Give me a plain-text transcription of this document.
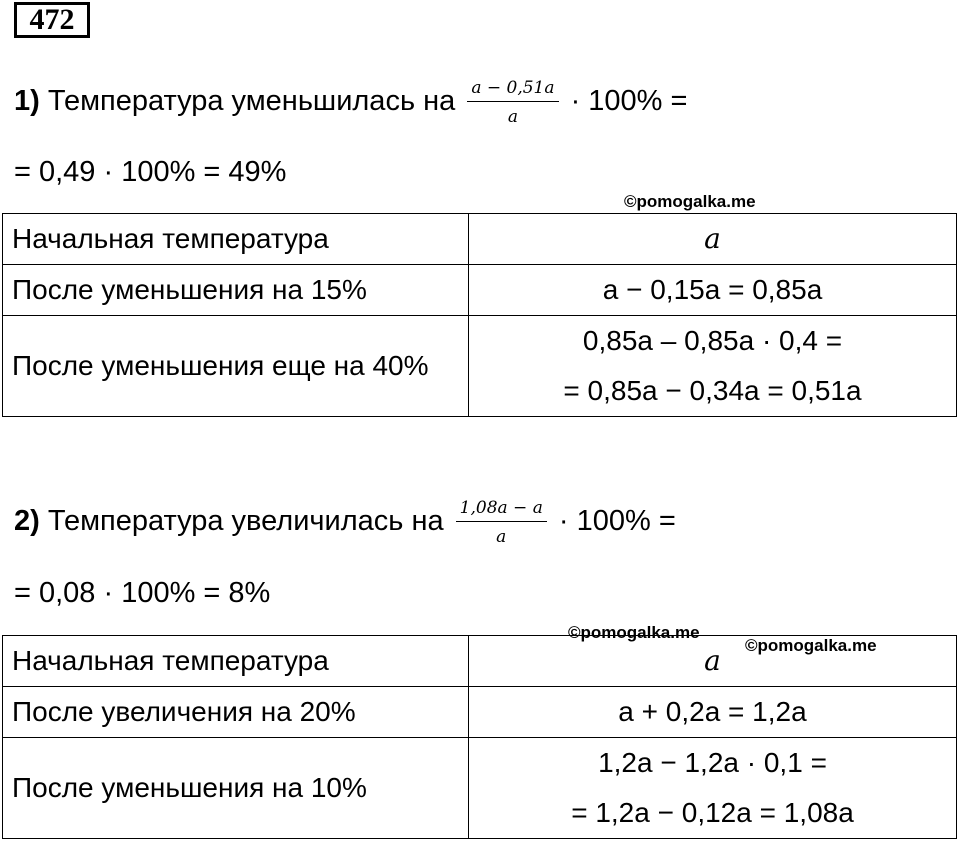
472
1) Температура уменьшилась на $\frac{a - 0,51a}{a} \cdot 100\%$ =
= 0,49 · 100% = 49%
©pomogalka.me
Начальная температура	a
После уменьшения на 15%	a − 0,15a = 0,85a
После уменьшения еще на 40%	0,85a – 0,85a · 0,4 =
= 0,85a − 0,34a = 0,51a
2) Температура увеличилась на $\frac{1,08a - a}{a} \cdot 100\%$ =
= 0,08 · 100% = 8%
©pomogalka.me
Начальная температура	a
После увеличения на 20%	a + 0,2a = 1,2a
После уменьшения на 10%	1,2a − 1,2a · 0,1 =
= 1,2a − 0,12a = 1,08a
©pomogalka.me
